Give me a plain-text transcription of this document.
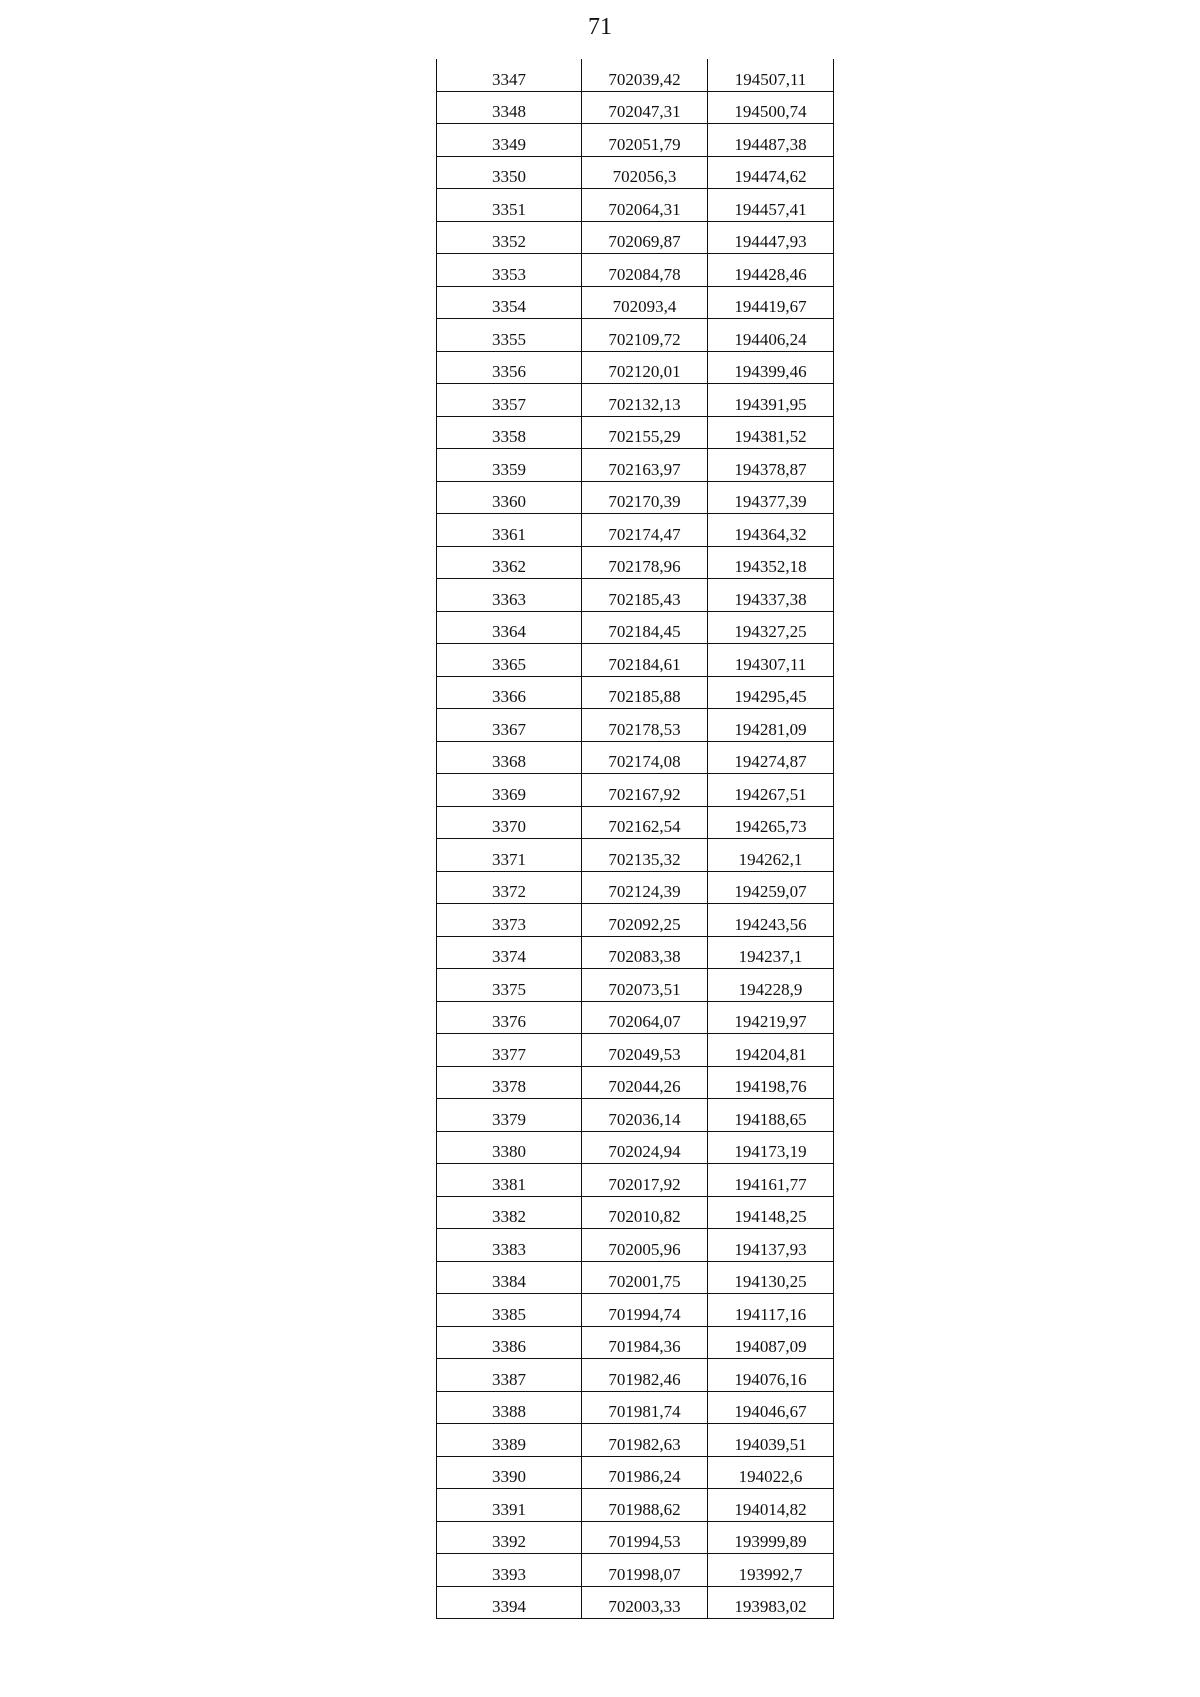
71
3347	702039,42	194507,11
3348	702047,31	194500,74
3349	702051,79	194487,38
3350	702056,3	194474,62
3351	702064,31	194457,41
3352	702069,87	194447,93
3353	702084,78	194428,46
3354	702093,4	194419,67
3355	702109,72	194406,24
3356	702120,01	194399,46
3357	702132,13	194391,95
3358	702155,29	194381,52
3359	702163,97	194378,87
3360	702170,39	194377,39
3361	702174,47	194364,32
3362	702178,96	194352,18
3363	702185,43	194337,38
3364	702184,45	194327,25
3365	702184,61	194307,11
3366	702185,88	194295,45
3367	702178,53	194281,09
3368	702174,08	194274,87
3369	702167,92	194267,51
3370	702162,54	194265,73
3371	702135,32	194262,1
3372	702124,39	194259,07
3373	702092,25	194243,56
3374	702083,38	194237,1
3375	702073,51	194228,9
3376	702064,07	194219,97
3377	702049,53	194204,81
3378	702044,26	194198,76
3379	702036,14	194188,65
3380	702024,94	194173,19
3381	702017,92	194161,77
3382	702010,82	194148,25
3383	702005,96	194137,93
3384	702001,75	194130,25
3385	701994,74	194117,16
3386	701984,36	194087,09
3387	701982,46	194076,16
3388	701981,74	194046,67
3389	701982,63	194039,51
3390	701986,24	194022,6
3391	701988,62	194014,82
3392	701994,53	193999,89
3393	701998,07	193992,7
3394	702003,33	193983,02
